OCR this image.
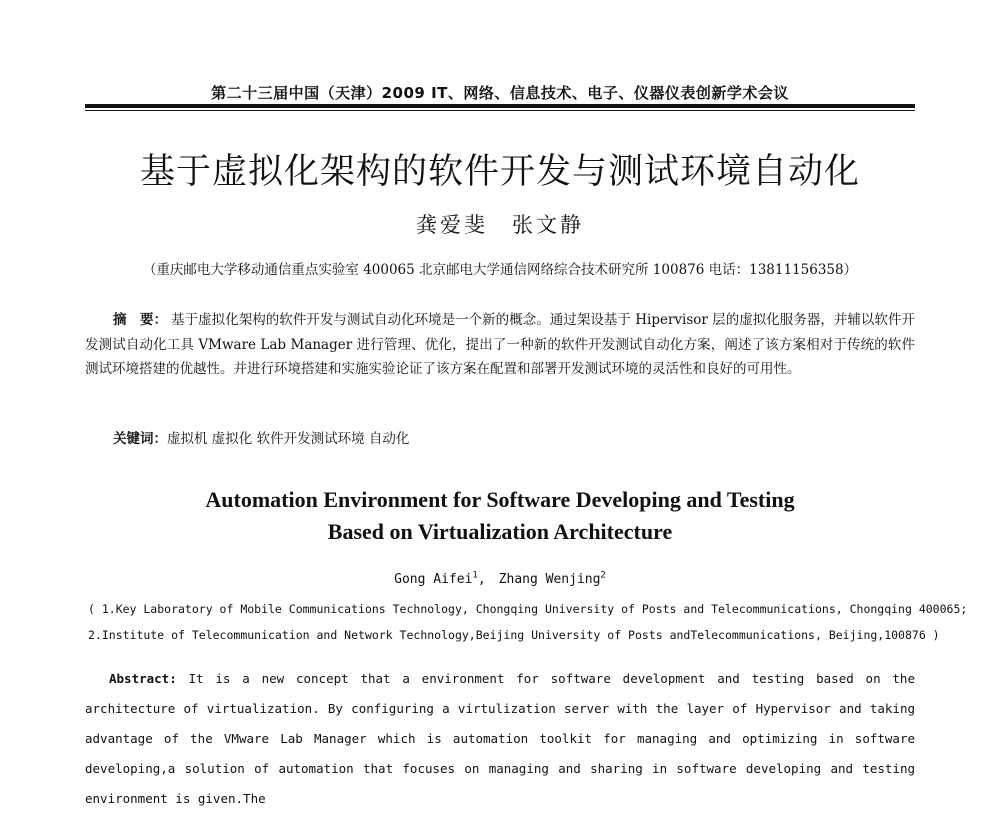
第二十三届中国（天津）2009 IT、网络、信息技术、电子、仪器仪表创新学术会议
基于虚拟化架构的软件开发与测试环境自动化
龚爱斐　张文静
（重庆邮电大学移动通信重点实验室 400065 北京邮电大学通信网络综合技术研究所 100876 电话：13811156358）
摘　要： 基于虚拟化架构的软件开发与测试自动化环境是一个新的概念。通过架设基于 Hipervisor 层的虚拟化服务器，并辅以软件开发测试自动化工具 VMware Lab Manager 进行管理、优化，提出了一种新的软件开发测试自动化方案，阐述了该方案相对于传统的软件测试环境搭建的优越性。并进行环境搭建和实施实验论证了该方案在配置和部署开发测试环境的灵活性和良好的可用性。
关键词：虚拟机 虚拟化 软件开发测试环境 自动化
Automation Environment for Software Developing and Testing
Based on Virtualization Architecture
Gong Aifei$^1$,　Zhang Wenjing$^2$
( 1.Key Laboratory of Mobile Communications Technology, Chongqing University of Posts and Telecommunications, Chongqing 400065;
2.Institute of Telecommunication and Network Technology,Beijing University of Posts andTelecommunications, Beijing,100876 )
Abstract: It is a new concept that a environment for software development and testing based on the architecture of virtualization. By configuring a virtulization server with the layer of Hypervisor and taking advantage of the VMware Lab Manager which is automation toolkit for managing and optimizing in software developing,a solution of automation that focuses on managing and sharing in software developing and testing environment is given.The
